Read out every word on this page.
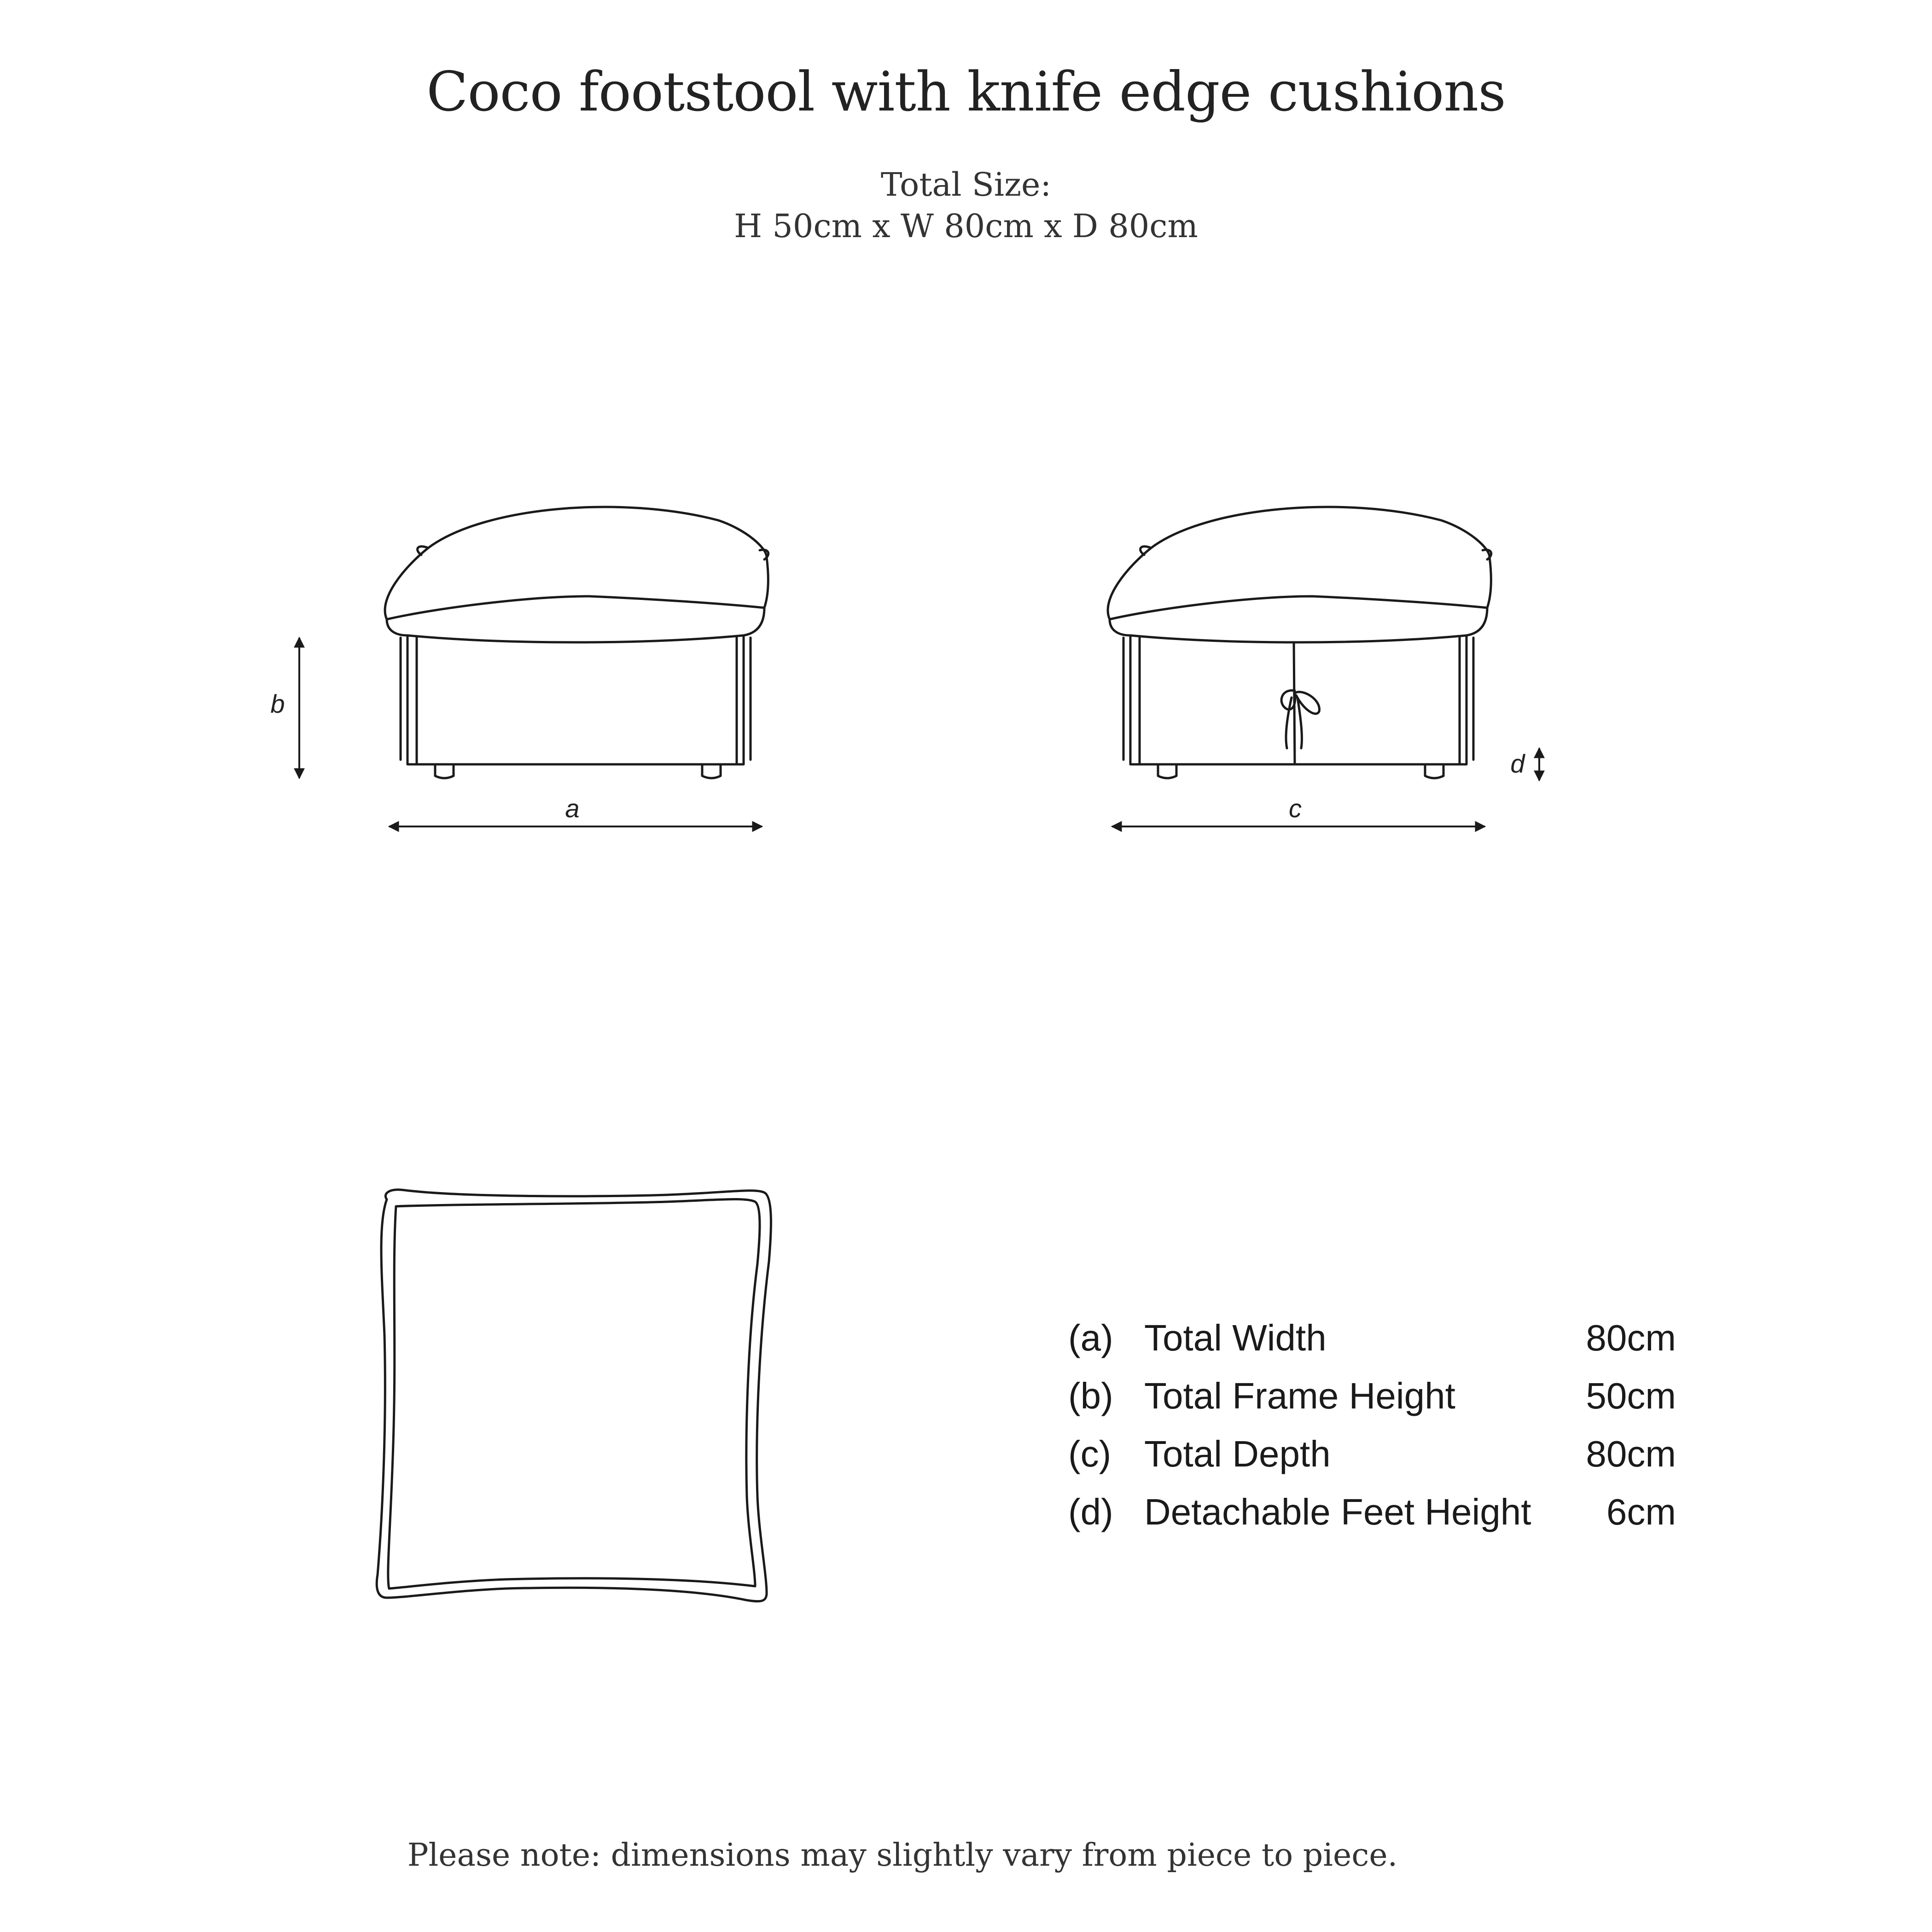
Coco footstool with knife edge cushions
Total Size:
H 50cm x W 80cm x D 80cm
a
b
c
d
(a) Total Width	80cm
(b) Total Frame Height	50cm
(c) Total Depth	80cm
(d) Detachable Feet Height 6cm
Please note: dimensions may slightly vary from piece to piece.
